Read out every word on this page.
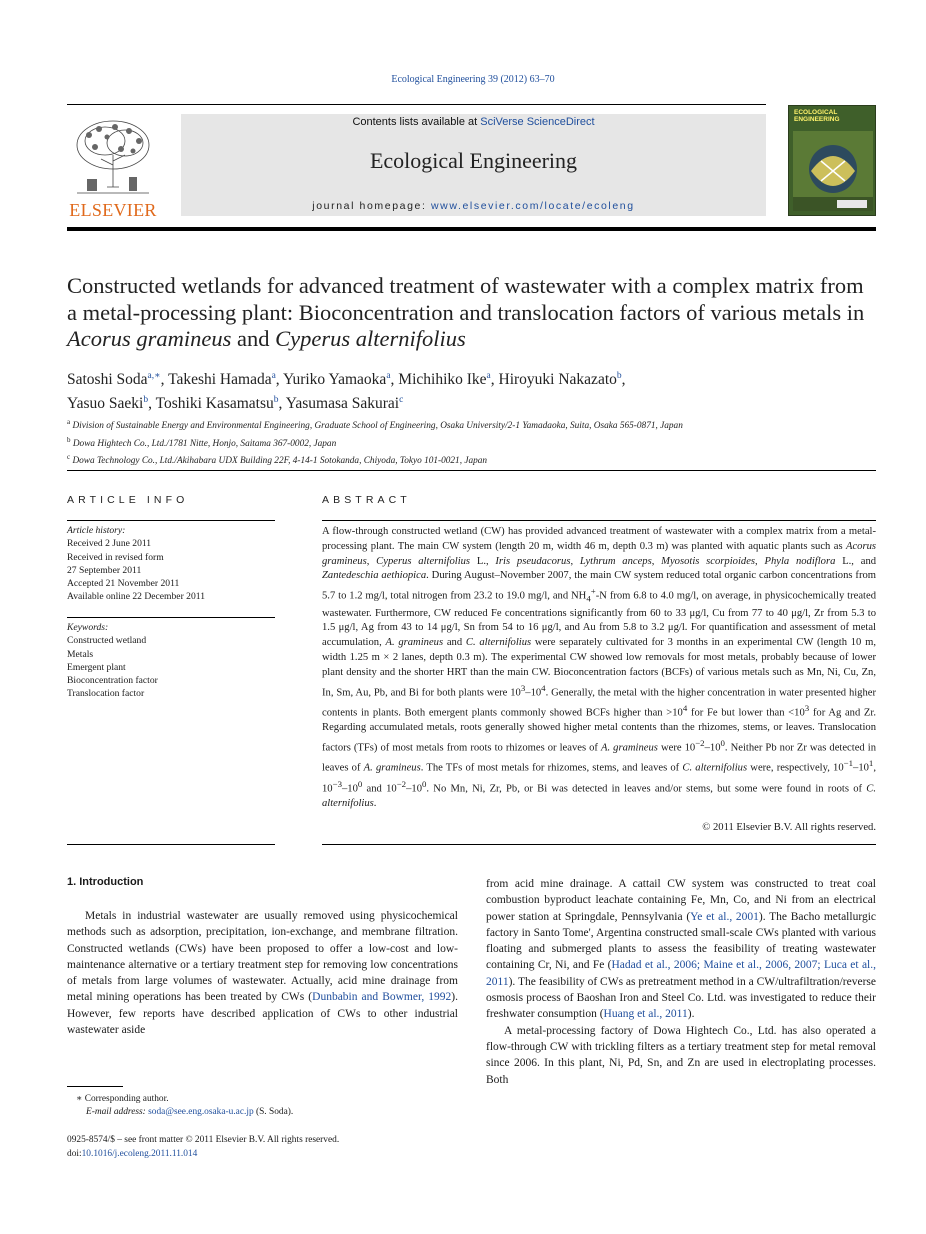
Ecological Engineering 39 (2012) 63–70
ELSEVIER
Contents lists available at SciVerse ScienceDirect
Ecological Engineering
journal homepage: www.elsevier.com/locate/ecoleng
ECOLOGICAL
ENGINEERING
Constructed wetlands for advanced treatment of wastewater with a complex matrix from a metal-processing plant: Bioconcentration and translocation factors of various metals in Acorus gramineus and Cyperus alternifolius
Satoshi Soda$^{a,∗}$, Takeshi Hamada$^a$, Yuriko Yamaoka$^a$, Michihiko Ike$^a$, Hiroyuki Nakazato$^b$,
Yasuo Saeki$^b$, Toshiki Kasamatsu$^b$, Yasumasa Sakurai$^c$
$^a$ Division of Sustainable Energy and Environmental Engineering, Graduate School of Engineering, Osaka University/2-1 Yamadaoka, Suita, Osaka 565-0871, Japan
$^b$ Dowa Hightech Co., Ltd./1781 Nitte, Honjo, Saitama 367-0002, Japan
$^c$ Dowa Technology Co., Ltd./Akihabara UDX Building 22F, 4-14-1 Sotokanda, Chiyoda, Tokyo 101-0021, Japan
ARTICLE INFO	ABSTRACT
Article history:
Received 2 June 2011
Received in revised form
27 September 2011
Accepted 21 November 2011
Available online 22 December 2011
Keywords:
Constructed wetland
Metals
Emergent plant
Bioconcentration factor
Translocation factor
A flow-through constructed wetland (CW) has provided advanced treatment of wastewater with a complex matrix from a metal-processing plant. The main CW system (length 20 m, width 46 m, depth 0.3 m) was planted with aquatic plants such as Acorus gramineus, Cyperus alternifolius L., Iris pseudacorus, Lythrum anceps, Myosotis scorpioides, Phyla nodiflora L., and Zantedeschia aethiopica. During August–November 2007, the main CW system reduced total organic carbon concentrations from 5.7 to 1.2 mg/l, total nitrogen from 23.2 to 19.0 mg/l, and $NH_4^+-N$ from 6.8 to 4.0 mg/l, on average, in physicochemically treated wastewater. Furthermore, CW reduced Fe concentrations significantly from 60 to 33 μg/l, Cu from 77 to 40 μg/l, Zr from 5.3 to 1.5 μg/l, Ag from 43 to 14 μg/l, Sn from 54 to 16 μg/l, and Au from 5.8 to 3.2 μg/l. For quantification and assessment of metal accumulation, A. gramineus and C. alternifolius were separately cultivated for 3 months in an experimental CW (length 10 m, width 1.25 m × 2 lanes, depth 0.3 m). The experimental CW showed low removals for most metals, probably because of lower plant density and the shorter HRT than the main CW. Bioconcentration factors (BCFs) of various metals such as Mn, Ni, Cu, Zn, In, Sm, Au, Pb, and Bi for both plants were $10^3-10^4$. Generally, the metal with the higher concentration in water presented higher contents in plants. Both emergent plants commonly showed BCFs higher than $>10^4$ for Fe but lower than $<10^3$ for Ag and Zr. Regarding accumulated metals, roots generally showed higher metal contents than the rhizomes, stems, or leaves. Translocation factors (TFs) of most metals from roots to rhizomes or leaves of A. gramineus were $10^{-2}-10^0$. Neither Pb nor Zr was detected in leaves of A. gramineus. The TFs of most metals for rhizomes, stems, and leaves of C. alternifolius were, respectively, $10^{-1}-10^1$, $10^{-3}-10^0$ and $10^{-2}-10^0$. No Mn, Ni, Zr, Pb, or Bi was detected in leaves and/or stems, but some were found in roots of C. alternifolius.
© 2011 Elsevier B.V. All rights reserved.
1. Introduction
Metals in industrial wastewater are usually removed using physicochemical methods such as adsorption, precipitation, ion-exchange, and membrane filtration. Constructed wetlands (CWs) have been proposed to offer a low-cost and low-maintenance alternative or a tertiary treatment step for removing low concentrations of metals from large volumes of wastewater. Actually, acid mine drainage from metal mining operations has been treated by CWs (Dunbabin and Bowmer, 1992). However, few reports have described application of CWs to other industrial wastewater aside

from acid mine drainage. A cattail CW system was constructed to treat coal combustion byproduct leachate containing Fe, Mn, Co, and Ni from an electrical power station at Springdale, Pennsylvania (Ye et al., 2001). The Bacho metallurgic factory in Santo Tome', Argentina constructed small-scale CWs planted with various floating and submerged plants to assess the feasibility of treating wastewater containing Cr, Ni, and Fe (Hadad et al., 2006; Maine et al., 2006, 2007; Luca et al., 2011). The feasibility of CWs as pretreatment method in a CW/ultrafiltration/reverse osmosis process of Baoshan Iron and Steel Co. Ltd. was investigated to reduce their freshwater consumption (Huang et al., 2011).

A metal-processing factory of Dowa Hightech Co., Ltd. has also operated a flow-through CW with trickling filters as a tertiary treatment step for metal removal since 2006. In this plant, Ni, Pd, Sn, and Zn are used in electroplating processes. Both

∗ Corresponding author.
E-mail address: soda@see.eng.osaka-u.ac.jp (S. Soda).
0925-8574/$ – see front matter © 2011 Elsevier B.V. All rights reserved.
doi:10.1016/j.ecoleng.2011.11.014
